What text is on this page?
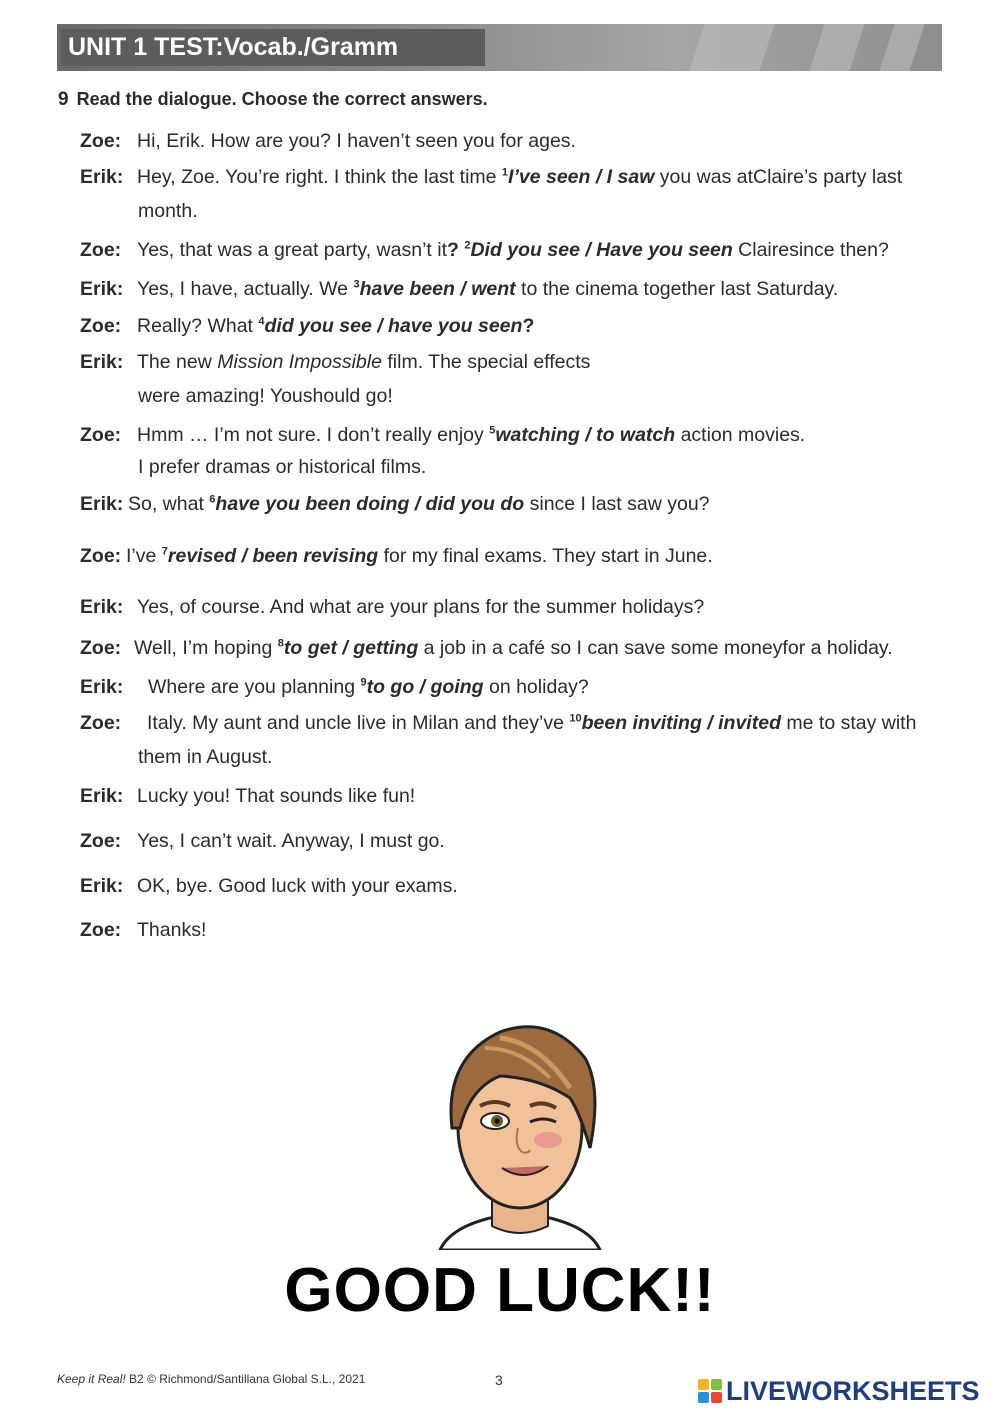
UNIT 1 TEST:Vocab./Gramm
9 Read the dialogue. Choose the correct answers.
Zoe: Hi, Erik. How are you? I haven’t seen you for ages.
Erik: Hey, Zoe. You’re right. I think the last time $^1$I’ve seen / I saw you was atClaire’s party last
month.
Zoe: Yes, that was a great party, wasn’t it? $^2$Did you see / Have you seen Clairesince then?
Erik: Yes, I have, actually. We $^3$have been / went to the cinema together last Saturday.
Zoe: Really? What $^4$did you see / have you seen?
Erik: The new Mission Impossible film. The special effects
were amazing! Youshould go!
Zoe: Hmm … I’m not sure. I don’t really enjoy $^5$watching / to watch action movies.
I prefer dramas or historical films.
Erik: So, what $^6$have you been doing / did you do since I last saw you?
Zoe: I’ve $^7$revised / been revising for my final exams. They start in June.
Erik: Yes, of course. And what are your plans for the summer holidays?
Zoe: Well, I’m hoping $^8$to get / getting a job in a café so I can save some moneyfor a holiday.
Erik: Where are you planning $^9$to go / going on holiday?
Zoe: Italy. My aunt and uncle live in Milan and they’ve $^{10}$been inviting / invited me to stay with
them in August.
Erik: Lucky you! That sounds like fun!
Zoe: Yes, I can’t wait. Anyway, I must go.
Erik: OK, bye. Good luck with your exams.
Zoe: Thanks!
GOOD LUCK!!
Keep it Real! B2 © Richmond/Santillana Global S.L., 2021	3	LIVEWORKSHEETS
